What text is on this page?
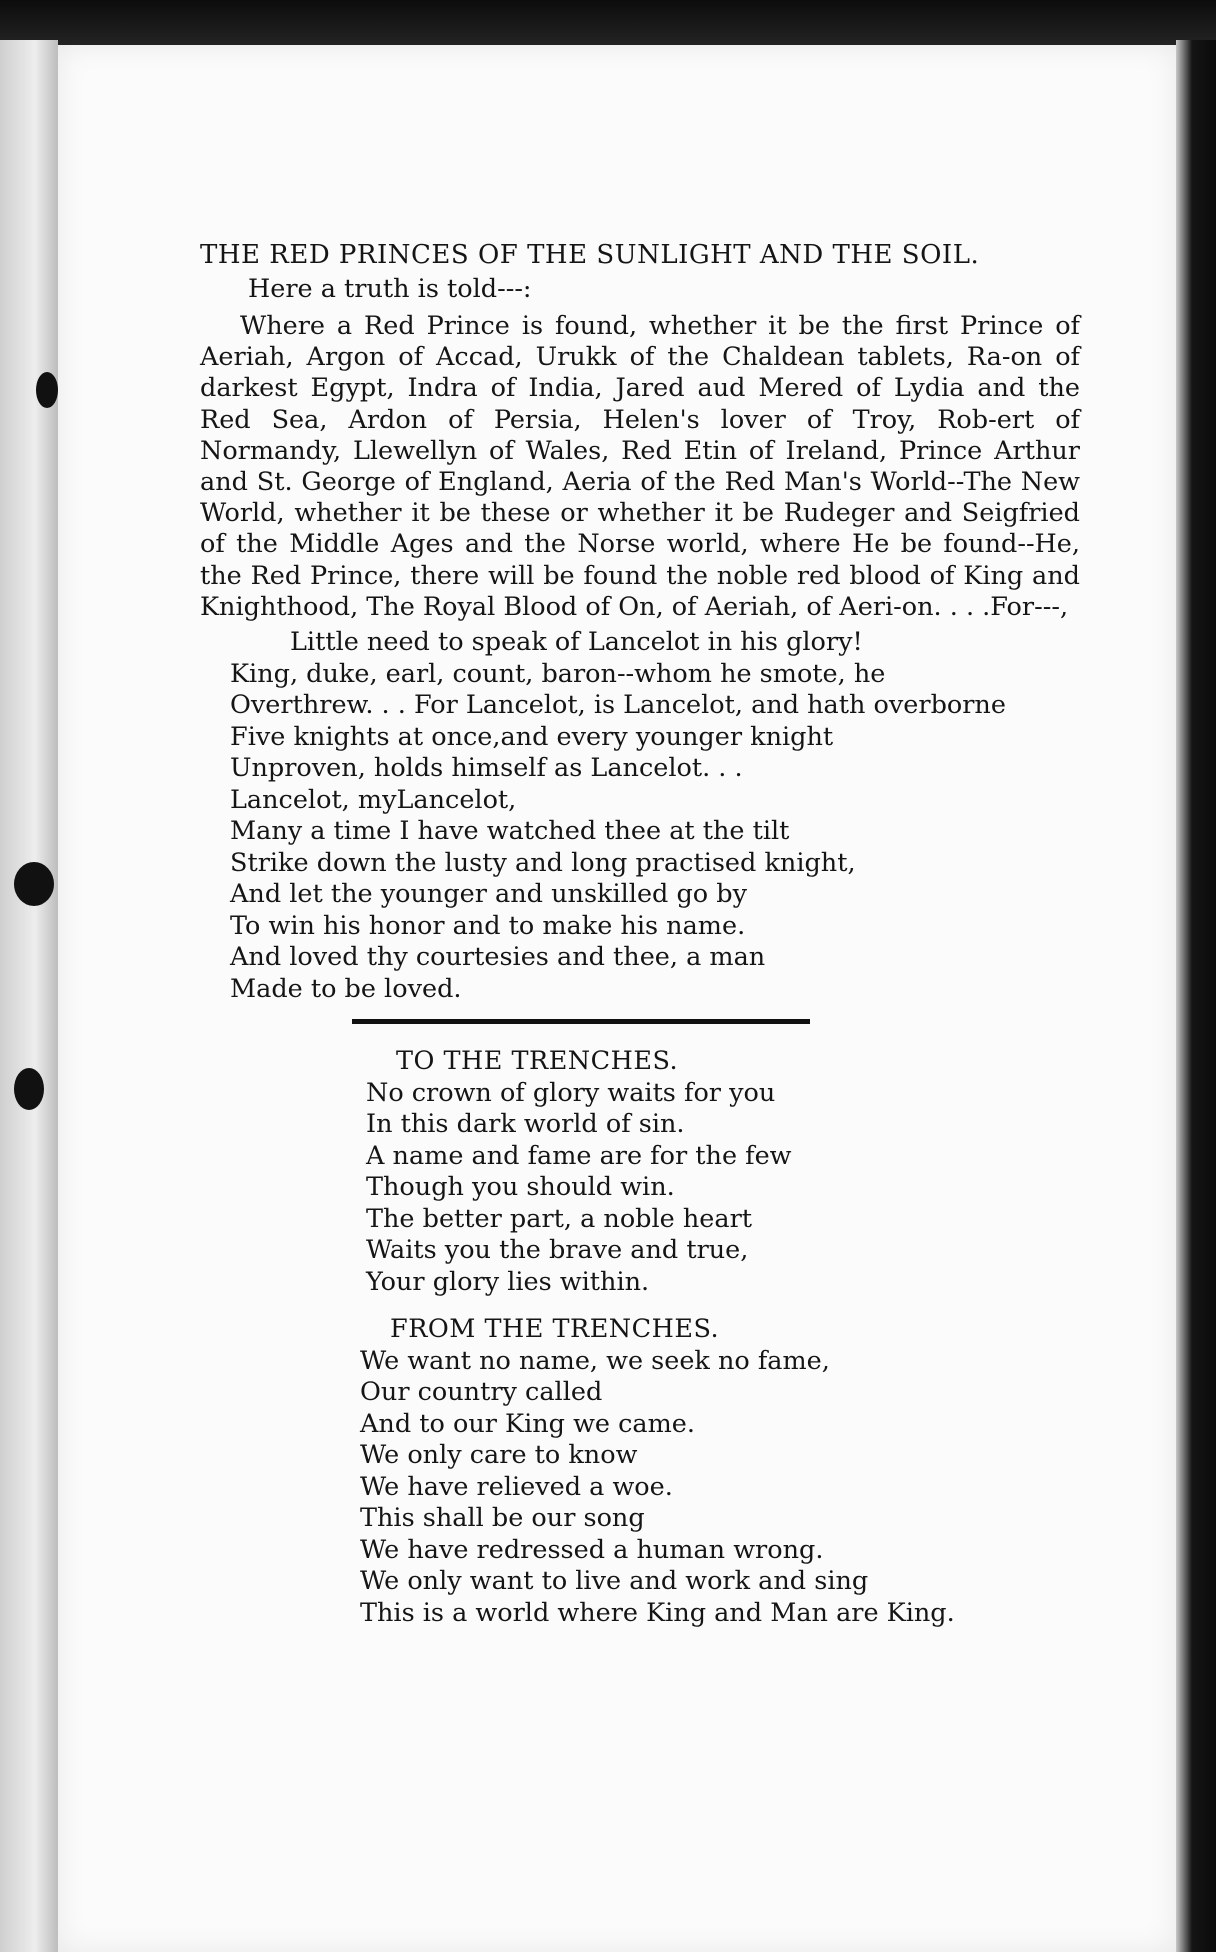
THE RED PRINCES OF THE SUNLIGHT AND THE SOIL.
Here a truth is told---:

Where a Red Prince is found, whether it be the first Prince of Aeriah, Argon of Accad, Urukk of the Chaldean tablets, Ra-on of darkest Egypt, Indra of India, Jared aud Mered of Lydia and the Red Sea, Ardon of Persia, Helen's lover of Troy, Rob-ert of Normandy, Llewellyn of Wales, Red Etin of Ireland, Prince Arthur and St. George of England, Aeria of the Red Man's World--The New World, whether it be these or whether it be Rudeger and Seigfried of the Middle Ages and the Norse world, where He be found--He, the Red Prince, there will be found the noble red blood of King and Knighthood, The Royal Blood of On, of Aeriah, of Aeri-on. . . .For---,

Little need to speak of Lancelot in his glory!
King, duke, earl, count, baron--whom he smote, he
Overthrew. . . For Lancelot, is Lancelot, and hath overborne
Five knights at once,and every younger knight
Unproven, holds himself as Lancelot. . .
Lancelot, myLancelot,
Many a time I have watched thee at the tilt
Strike down the lusty and long practised knight,
And let the younger and unskilled go by
To win his honor and to make his name.
And loved thy courtesies and thee, a man
Made to be loved.
TO THE TRENCHES.
No crown of glory waits for you
In this dark world of sin.
A name and fame are for the few
Though you should win.
The better part, a noble heart
Waits you the brave and true,
Your glory lies within.
FROM THE TRENCHES.
We want no name, we seek no fame,
Our country called
And to our King we came.
We only care to know
We have relieved a woe.
This shall be our song
We have redressed a human wrong.
We only want to live and work and sing
This is a world where King and Man are King.
